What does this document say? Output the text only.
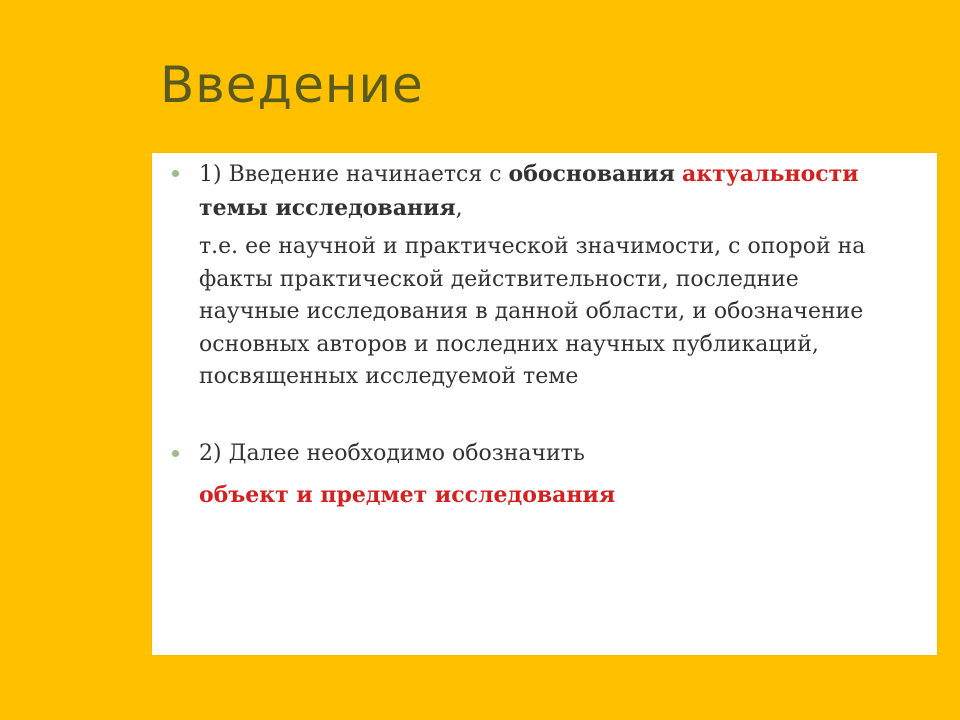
Введение
1) Введение начинается с обоснования актуальности
темы исследования,
т.е. ее научной и практической значимости, с опорой на факты практической действительности, последние научные исследования в данной области, и обозначение основных авторов и последних научных публикаций, посвященных исследуемой теме
2) Далее необходимо обозначить
объект и предмет исследования
